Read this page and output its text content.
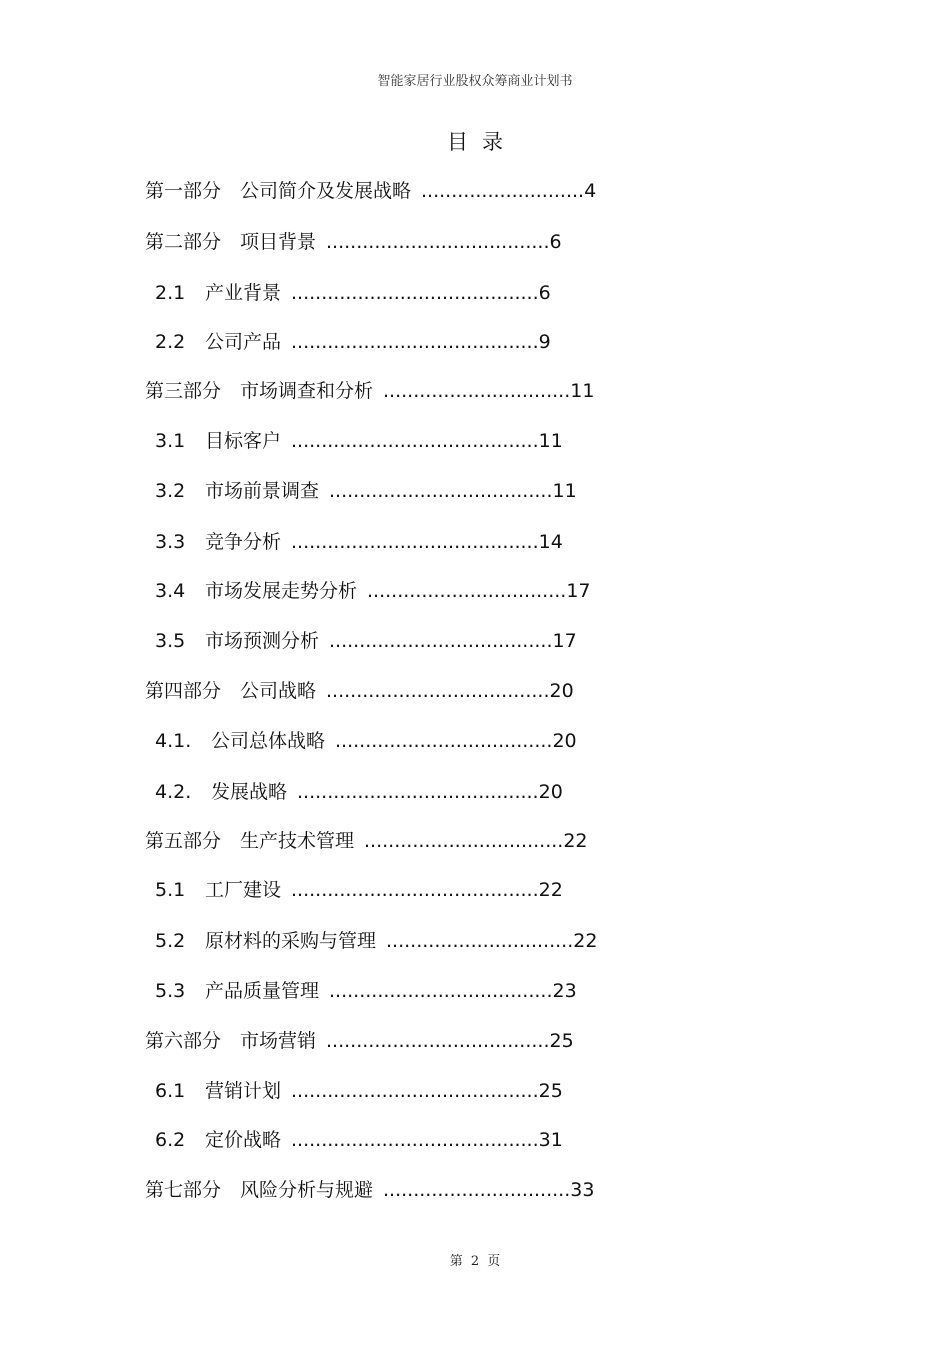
智能家居行业股权众筹商业计划书
目录
第一部分　公司简介及发展战略 ...........................4
第二部分　项目背景 .....................................6
2.1 产业背景 .........................................6
2.2 公司产品 .........................................9
第三部分　市场调查和分析 ...............................11
3.1 目标客户 .........................................11
3.2 市场前景调查 .....................................11
3.3 竞争分析 .........................................14
3.4 市场发展走势分析 .................................17
3.5 市场预测分析 .....................................17
第四部分　公司战略 .....................................20
4.1. 公司总体战略 ....................................20
4.2. 发展战略 ........................................20
第五部分　生产技术管理 .................................22
5.1 工厂建设 .........................................22
5.2 原材料的采购与管理 ...............................22
5.3 产品质量管理 .....................................23
第六部分　市场营销 .....................................25
6.1 营销计划 .........................................25
6.2 定价战略 .........................................31
第七部分　风险分析与规避 ...............................33
第 2 页
